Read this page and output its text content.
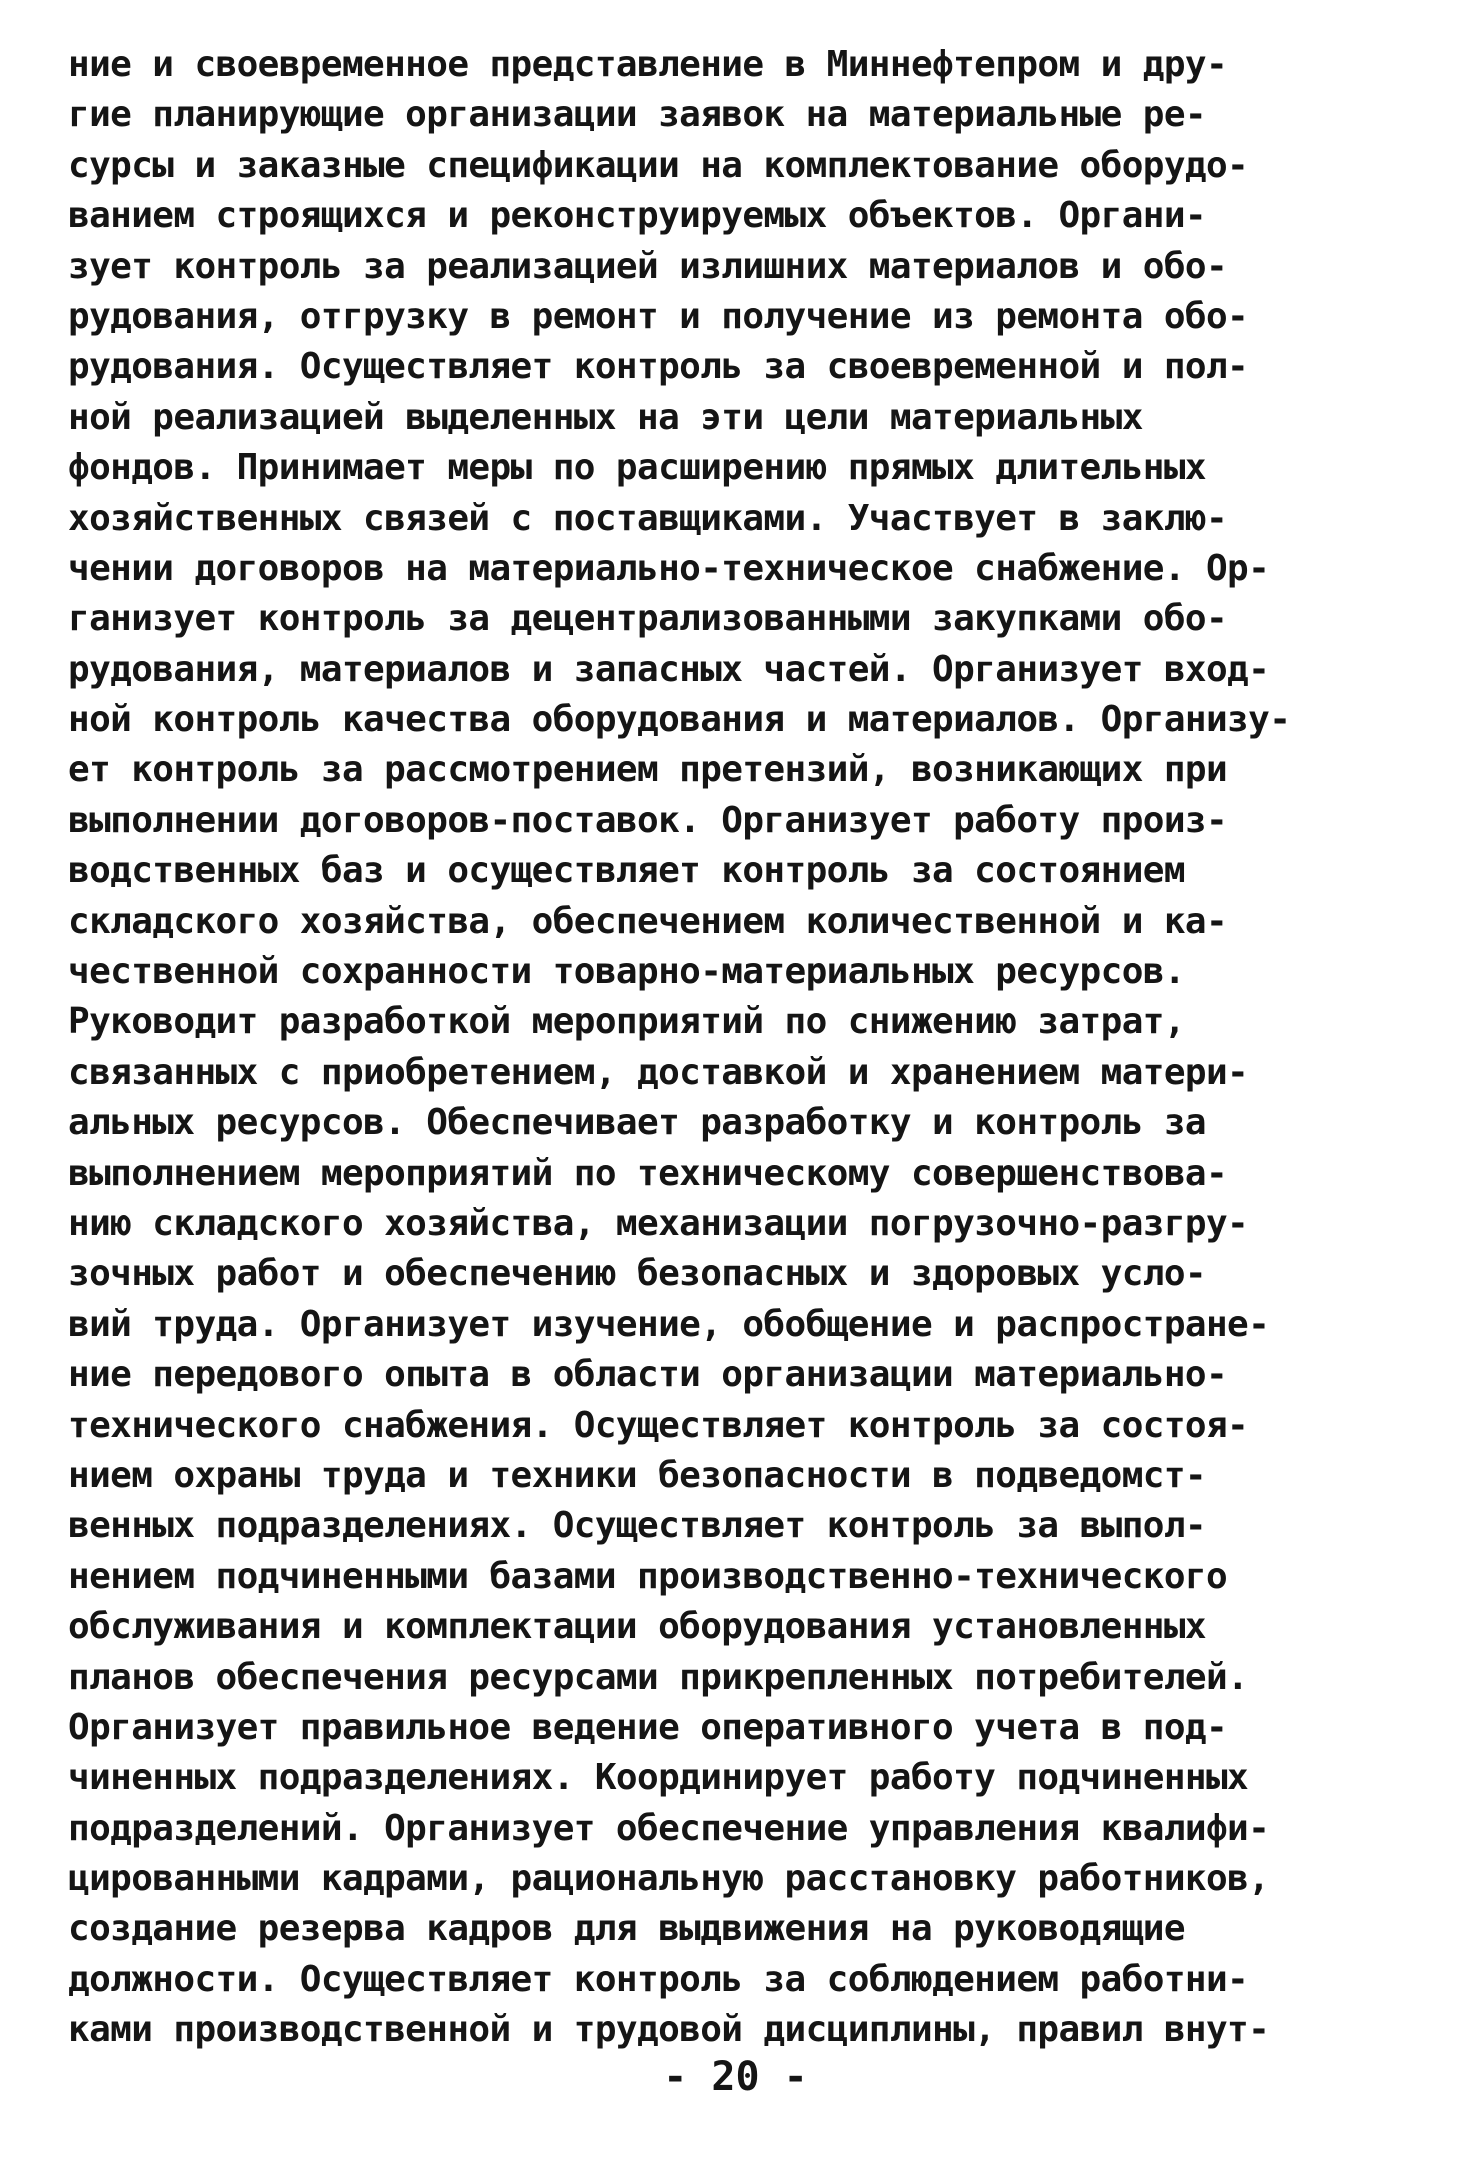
ние и своевременное представление в Миннефтепром и дру-
гие планирующие организации заявок на материальные ре-
сурсы и заказные спецификации на комплектование оборудо-
ванием строящихся и реконструируемых объектов. Органи-
зует контроль за реализацией излишних материалов и обо-
рудования, отгрузку в ремонт и получение из ремонта обо-
рудования. Осуществляет контроль за своевременной и пол-
ной реализацией выделенных на эти цели материальных
фондов. Принимает меры по расширению прямых длительных
хозяйственных связей с поставщиками. Участвует в заклю-
чении договоров на материально-техническое снабжение. Ор-
ганизует контроль за децентрализованными закупками обо-
рудования, материалов и запасных частей. Организует вход-
ной контроль качества оборудования и материалов. Организу-
ет контроль за рассмотрением претензий, возникающих при
выполнении договоров-поставок. Организует работу произ-
водственных баз и осуществляет контроль за состоянием
складского хозяйства, обеспечением количественной и ка-
чественной сохранности товарно-материальных ресурсов.
Руководит разработкой мероприятий по снижению затрат,
связанных с приобретением, доставкой и хранением матери-
альных ресурсов. Обеспечивает разработку и контроль за
выполнением мероприятий по техническому совершенствова-
нию складского хозяйства, механизации погрузочно-разгру-
зочных работ и обеспечению безопасных и здоровых усло-
вий труда. Организует изучение, обобщение и распростране-
ние передового опыта в области организации материально-
технического снабжения. Осуществляет контроль за состоя-
нием охраны труда и техники безопасности в подведомст-
венных подразделениях. Осуществляет контроль за выпол-
нением подчиненными базами производственно-технического
обслуживания и комплектации оборудования установленных
планов обеспечения ресурсами прикрепленных потребителей.
Организует правильное ведение оперативного учета в под-
чиненных подразделениях. Координирует работу подчиненных
подразделений. Организует обеспечение управления квалифи-
цированными кадрами, рациональную расстановку работников,
создание резерва кадров для выдвижения на руководящие
должности. Осуществляет контроль за соблюдением работни-
ками производственной и трудовой дисциплины, правил внут-
- 20 -
